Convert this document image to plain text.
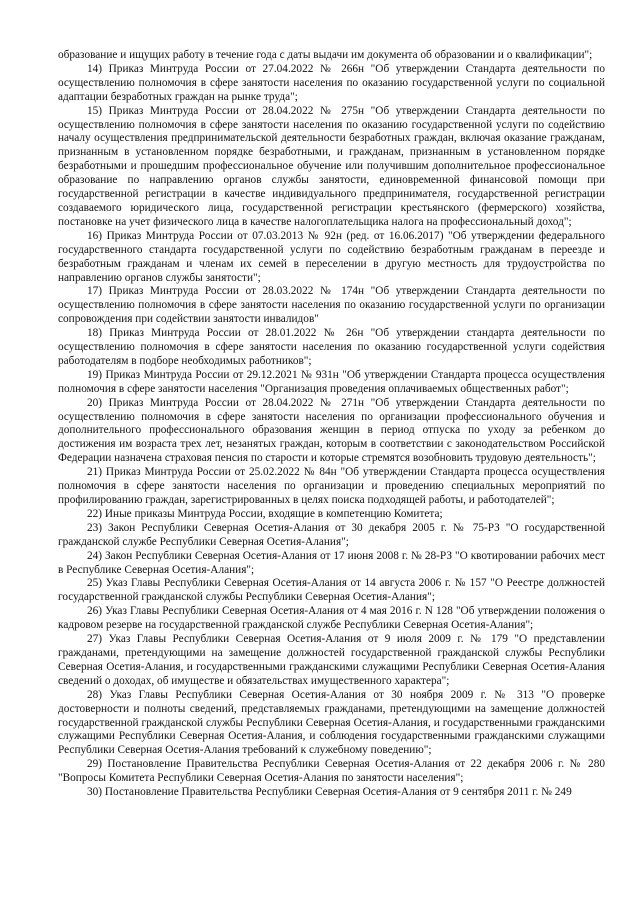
образование и ищущих работу в течение года с даты выдачи им документа об образовании и о квалификации";

14) Приказ Минтруда России от 27.04.2022 № 266н "Об утверждении Стандарта деятельности по осуществлению полномочия в сфере занятости населения по оказанию государственной услуги по социальной адаптации безработных граждан на рынке труда";

15) Приказ Минтруда России от 28.04.2022 № 275н "Об утверждении Стандарта деятельности по осуществлению полномочия в сфере занятости населения по оказанию государственной услуги по содействию началу осуществления предпринимательской деятельности безработных граждан, включая оказание гражданам, признанным в установленном порядке безработными, и гражданам, признанным в установленном порядке безработными и прошедшим профессиональное обучение или получившим дополнительное профессиональное образование по направлению органов службы занятости, единовременной финансовой помощи при государственной регистрации в качестве индивидуального предпринимателя, государственной регистрации создаваемого юридического лица, государственной регистрации крестьянского (фермерского) хозяйства, постановке на учет физического лица в качестве налогоплательщика налога на профессиональный доход";

16) Приказ Минтруда России от 07.03.2013 № 92н (ред. от 16.06.2017) "Об утверждении федерального государственного стандарта государственной услуги по содействию безработным гражданам в переезде и безработным гражданам и членам их семей в переселении в другую местность для трудоустройства по направлению органов службы занятости";

17) Приказ Минтруда России от 28.03.2022 № 174н "Об утверждении Стандарта деятельности по осуществлению полномочия в сфере занятости населения по оказанию государственной услуги по организации сопровождения при содействии занятости инвалидов"

18) Приказ Минтруда России от 28.01.2022 № 26н "Об утверждении стандарта деятельности по осуществлению полномочия в сфере занятости населения по оказанию государственной услуги содействия работодателям в подборе необходимых работников";

19) Приказ Минтруда России от 29.12.2021 № 931н "Об утверждении Стандарта процесса осуществления полномочия в сфере занятости населения "Организация проведения оплачиваемых общественных работ";

20) Приказ Минтруда России от 28.04.2022 № 271н "Об утверждении Стандарта деятельности по осуществлению полномочия в сфере занятости населения по организации профессионального обучения и дополнительного профессионального образования женщин в период отпуска по уходу за ребенком до достижения им возраста трех лет, незанятых граждан, которым в соответствии с законодательством Российской Федерации назначена страховая пенсия по старости и которые стремятся возобновить трудовую деятельность";

21) Приказ Минтруда России от 25.02.2022 № 84н "Об утверждении Стандарта процесса осуществления полномочия в сфере занятости населения по организации и проведению специальных мероприятий по профилированию граждан, зарегистрированных в целях поиска подходящей работы, и работодателей";

22) Иные приказы Минтруда России, входящие в компетенцию Комитета;

23) Закон Республики Северная Осетия-Алания от 30 декабря 2005 г. № 75-РЗ "О государственной гражданской службе Республики Северная Осетия-Алания";

24) Закон Республики Северная Осетия-Алания от 17 июня 2008 г. № 28-РЗ "О квотировании рабочих мест в Республике Северная Осетия-Алания";

25) Указ Главы Республики Северная Осетия-Алания от 14 августа 2006 г. № 157 "О Реестре должностей государственной гражданской службы Республики Северная Осетия-Алания";

26) Указ Главы Республики Северная Осетия-Алания от 4 мая 2016 г. N 128 "Об утверждении положения о кадровом резерве на государственной гражданской службе Республики Северная Осетия-Алания";

27) Указ Главы Республики Северная Осетия-Алания от 9 июля 2009 г. № 179 "О представлении гражданами, претендующими на замещение должностей государственной гражданской службы Республики Северная Осетия-Алания, и государственными гражданскими служащими Республики Северная Осетия-Алания сведений о доходах, об имуществе и обязательствах имущественного характера";

28) Указ Главы Республики Северная Осетия-Алания от 30 ноября 2009 г. № 313 "О проверке достоверности и полноты сведений, представляемых гражданами, претендующими на замещение должностей государственной гражданской службы Республики Северная Осетия-Алания, и государственными гражданскими служащими Республики Северная Осетия-Алания, и соблюдения государственными гражданскими служащими Республики Северная Осетия-Алания требований к служебному поведению";

29) Постановление Правительства Республики Северная Осетия-Алания от 22 декабря 2006 г. № 280 "Вопросы Комитета Республики Северная Осетия-Алания по занятости населения";

30) Постановление Правительства Республики Северная Осетия-Алания от 9 сентября 2011 г. № 249
